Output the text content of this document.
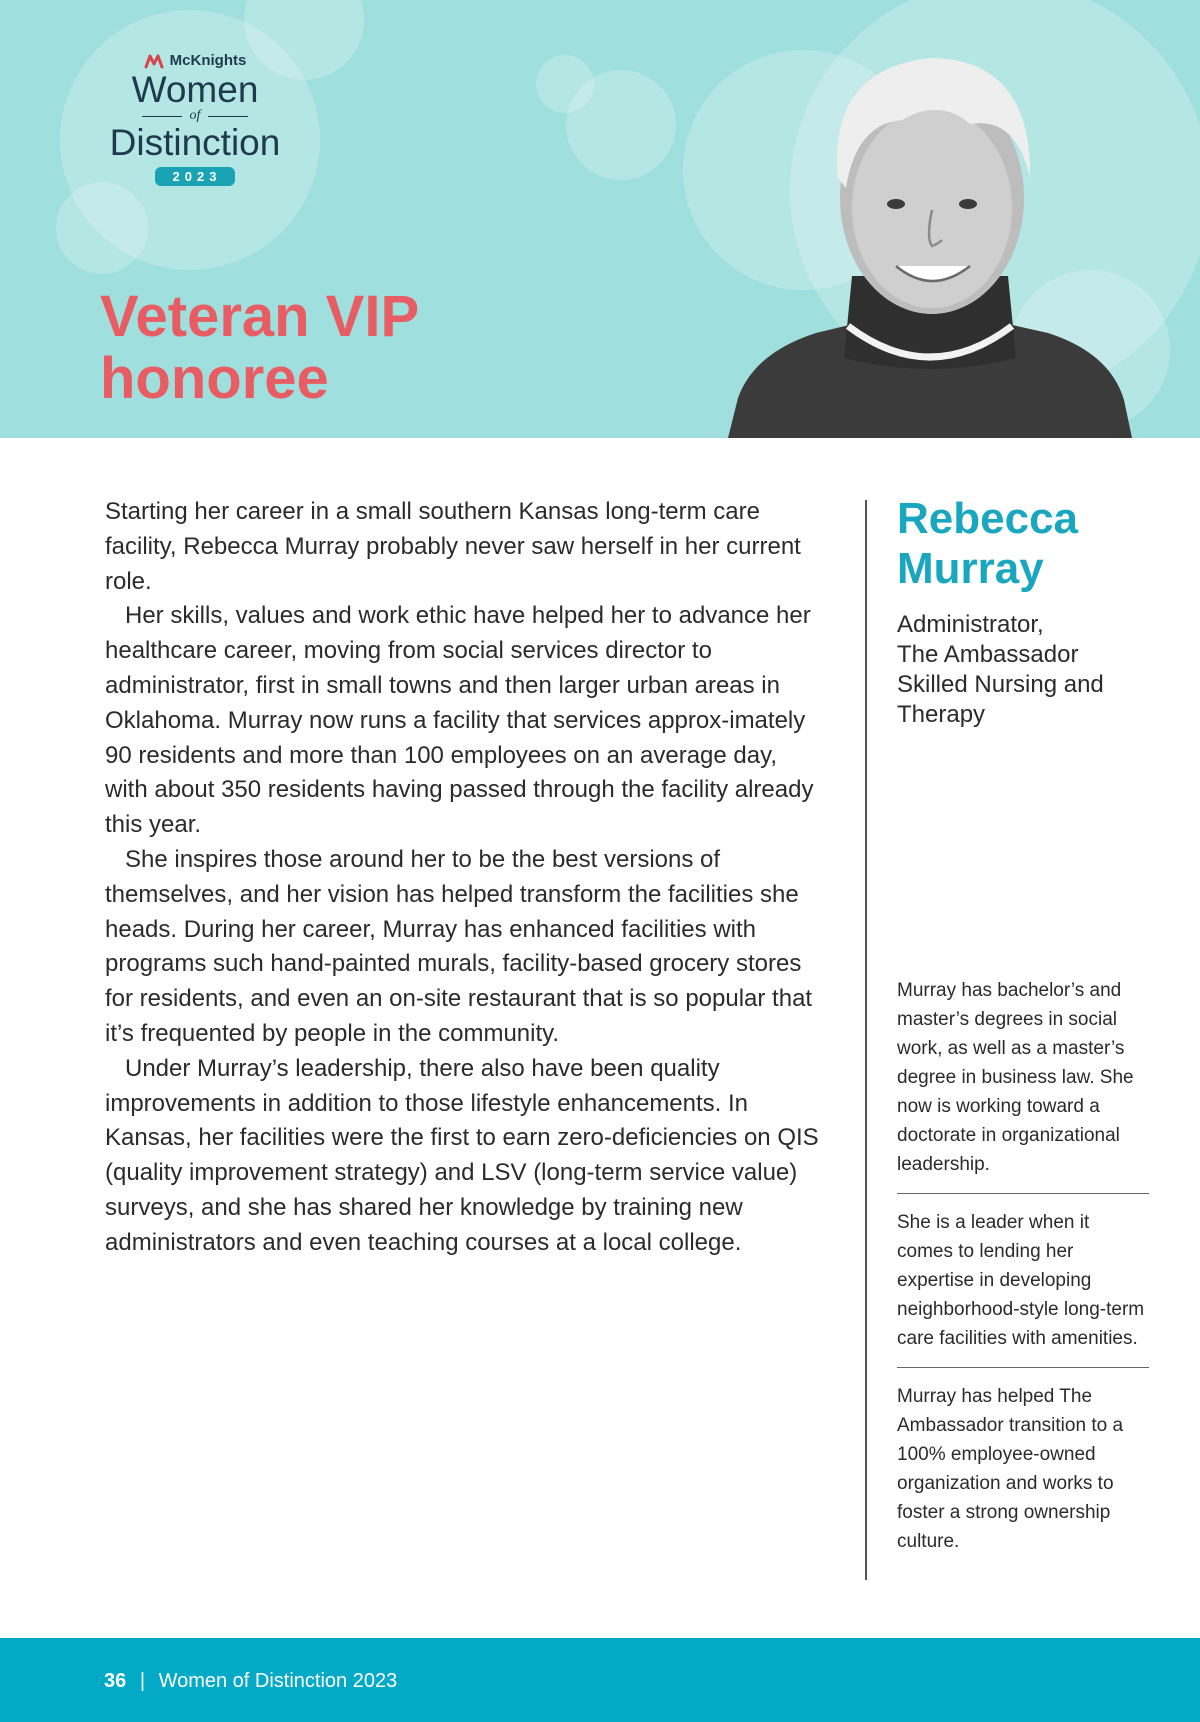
McKnights
Women
of
Distinction
2023
Veteran VIP
honoree

Starting her career in a small southern Kansas long-term care facility, Rebecca Murray probably never saw herself in her current role.

Her skills, values and work ethic have helped her to advance her healthcare career, moving from social services director to administrator, first in small towns and then larger urban areas in Oklahoma. Murray now runs a facility that services approx-imately 90 residents and more than 100 employees on an average day, with about 350 residents having passed through the facility already this year.

She inspires those around her to be the best versions of themselves, and her vision has helped transform the facilities she heads. During her career, Murray has enhanced facilities with programs such hand-painted murals, facility-based grocery stores for residents, and even an on-site restaurant that is so popular that it’s frequented by people in the community.

Under Murray’s leadership, there also have been quality improvements in addition to those lifestyle enhancements. In Kansas, her facilities were the first to earn zero-deficiencies on QIS (quality improvement strategy) and LSV (long-term service value) surveys, and she has shared her knowledge by training new administrators and even teaching courses at a local college.

Rebecca
Murray
Administrator,
The Ambassador
Skilled Nursing and
Therapy
Murray has bachelor’s and master’s degrees in social work, as well as a master’s degree in business law. She now is working toward a doctorate in organizational leadership.
She is a leader when it comes to lending her expertise in developing neighborhood-style long-term care facilities with amenities.
Murray has helped The Ambassador transition to a 100% employee-owned organization and works to foster a strong ownership culture.
36 | Women of Distinction 2023
